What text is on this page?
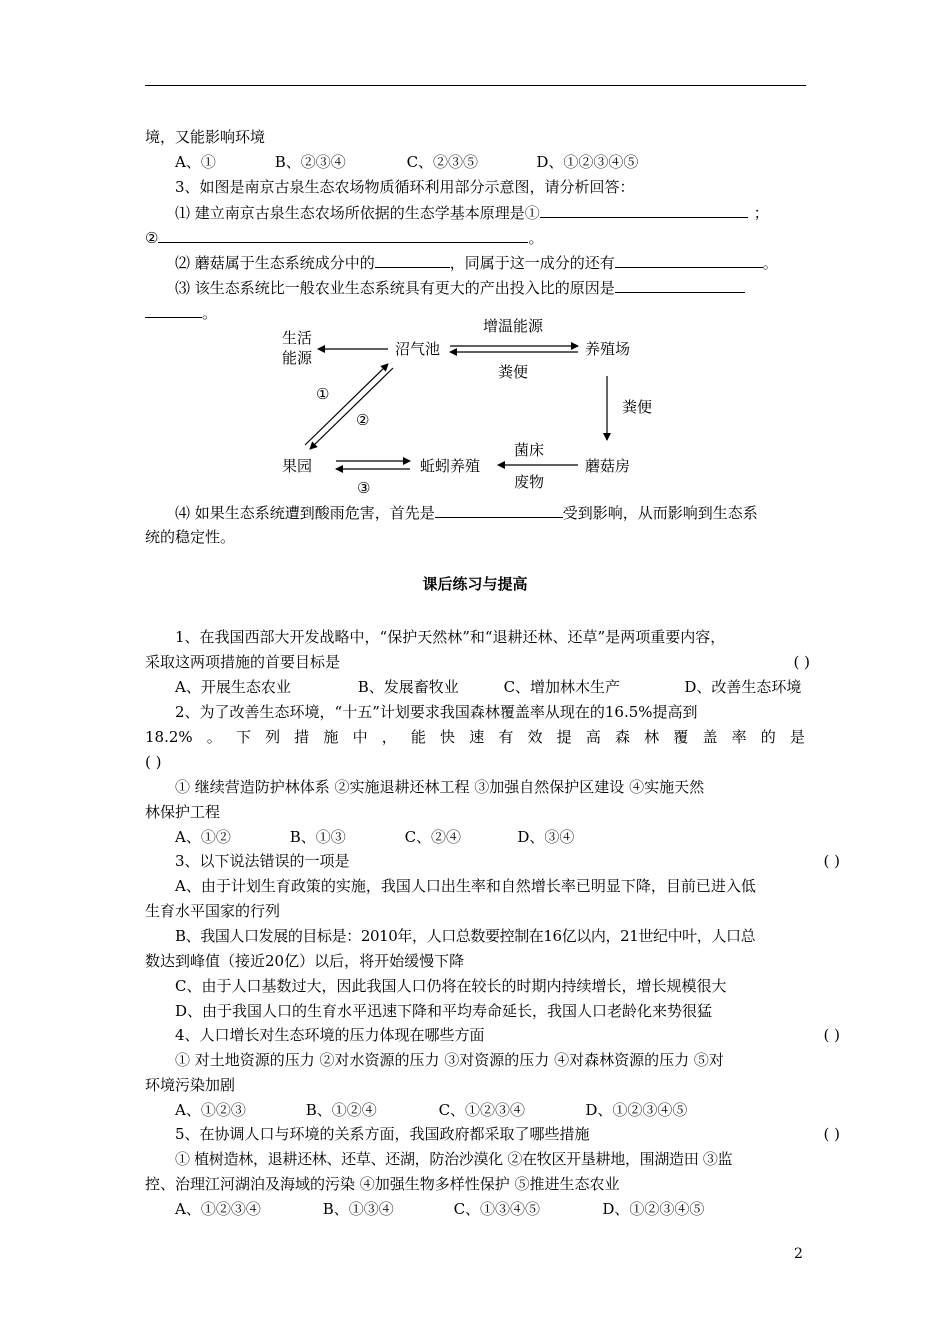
境，又能影响环境
A、①	B、②③④	C、②③⑤	D、①②③④⑤
3、如图是南京古泉生态农场物质循环利用部分示意图，请分析回答：
⑴ 建立南京古泉生态农场所依据的生态学基本原理是①	；
②	。
⑵ 蘑菇属于生态系统成分中的	，同属于这一成分的还有	。
⑶ 该生态系统比一般农业生态系统具有更大的产出投入比的原因是
。
生活
能源	沼气池
增温能源
养殖场
粪便
粪便
①
②
菌床
果园	蚯蚓养殖	蘑菇房
废物
③
⑷ 如果生态系统遭到酸雨危害，首先是	受到影响，从而影响到生态系
统的稳定性。
课后练习与提高
1、在我国西部大开发战略中，“保护天然林”和“退耕还林、还草”是两项重要内容，
采取这两项措施的首要目标是	( )
A、开展生态农业	B、发展畜牧业	C、增加林木生产	D、改善生态环境
2、为了改善生态环境，“十五”计划要求我国森林覆盖率从现在的16.5%提高到
18.2% 。 下 列 措 施 中 ， 能 快 速 有 效 提 高 森 林 覆 盖 率 的 是
( )
① 继续营造防护林体系 ②实施退耕还林工程 ③加强自然保护区建设 ④实施天然
林保护工程
A、①②	B、①③	C、②④	D、③④
3、以下说法错误的一项是	( )
A、由于计划生育政策的实施，我国人口出生率和自然增长率已明显下降，目前已进入低
生育水平国家的行列
B、我国人口发展的目标是：2010年，人口总数要控制在16亿以内，21世纪中叶，人口总
数达到峰值（接近20亿）以后，将开始缓慢下降
C、由于人口基数过大，因此我国人口仍将在较长的时期内持续增长，增长规模很大
D、由于我国人口的生育水平迅速下降和平均寿命延长，我国人口老龄化来势很猛
4、人口增长对生态环境的压力体现在哪些方面	( )
① 对土地资源的压力 ②对水资源的压力 ③对资源的压力 ④对森林资源的压力 ⑤对
环境污染加剧
A、①②③	B、①②④	C、①②③④	D、①②③④⑤
5、在协调人口与环境的关系方面，我国政府都采取了哪些措施	( )
① 植树造林，退耕还林、还草、还湖，防治沙漠化 ②在牧区开垦耕地，围湖造田 ③监
控、治理江河湖泊及海域的污染 ④加强生物多样性保护 ⑤推进生态农业
A、①②③④	B、①③④	C、①③④⑤	D、①②③④⑤
2
